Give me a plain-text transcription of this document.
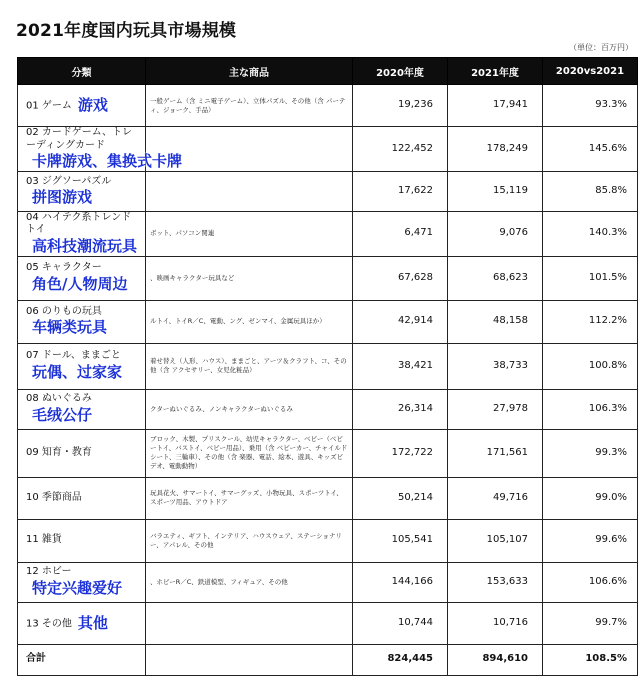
2021年度国内玩具市場規模
（単位：百万円）
分類	主な商品	2020年度	2021年度	2020vs2021
01 ゲーム 游戏	一般ゲーム（含 ミニ電子ゲーム）、立体パズル、その他（含 パーティ、ジョーク、手品）	19,236	17,941	93.3%
02 カードゲーム、トレーディングカード卡牌游戏、集换式卡牌		122,452	178,249	145.6%
03 ジグソーパズル拼图游戏		17,622	15,119	85.8%
04 ハイテク系トレンドトイ高科技潮流玩具	ボット、パソコン関連	6,471	9,076	140.3%
05 キャラクター角色/人物周边	、映画キャラクター玩具など	67,628	68,623	101.5%
06 のりもの玩具车辆类玩具	ルトイ、トイR／C、電動、ング、ゼンマイ、金属玩具ほか）	42,914	48,158	112.2%
07 ドール、ままごと玩偶、过家家	着せ替え（人形、ハウス）、ままごと、アーツ＆クラフト、コ、その他（含 アクセサリー、女児化粧品）	38,421	38,733	100.8%
08 ぬいぐるみ毛绒公仔	クターぬいぐるみ、ノンキャラクターぬいぐるみ	26,314	27,978	106.3%
09 知育・教育	ブロック、木製、プリスクール、幼児キャラクター、ベビー（ベビートイ、バストイ、ベビー用品）、乗用（含 ベビーカー、チャイルドシート、三輪車）、その他（含 楽器、電話、絵本、遊具、キッズビデオ、電動動物）	172,722	171,561	99.3%
10 季節商品	玩具花火、サマートイ、サマーグッズ、小物玩具、スポーツトイ、スポーツ用品、アウトドア	50,214	49,716	99.0%
11 雑貨	バラエティ、ギフト、インテリア、ハウスウェア、ステーショナリー、アパレル、その他	105,541	105,107	99.6%
12 ホビー特定兴趣爱好	、ホビーR／C、鉄道模型、フィギュア、その他	144,166	153,633	106.6%
13 その他 其他		10,744	10,716	99.7%
合計		824,445	894,610	108.5%
